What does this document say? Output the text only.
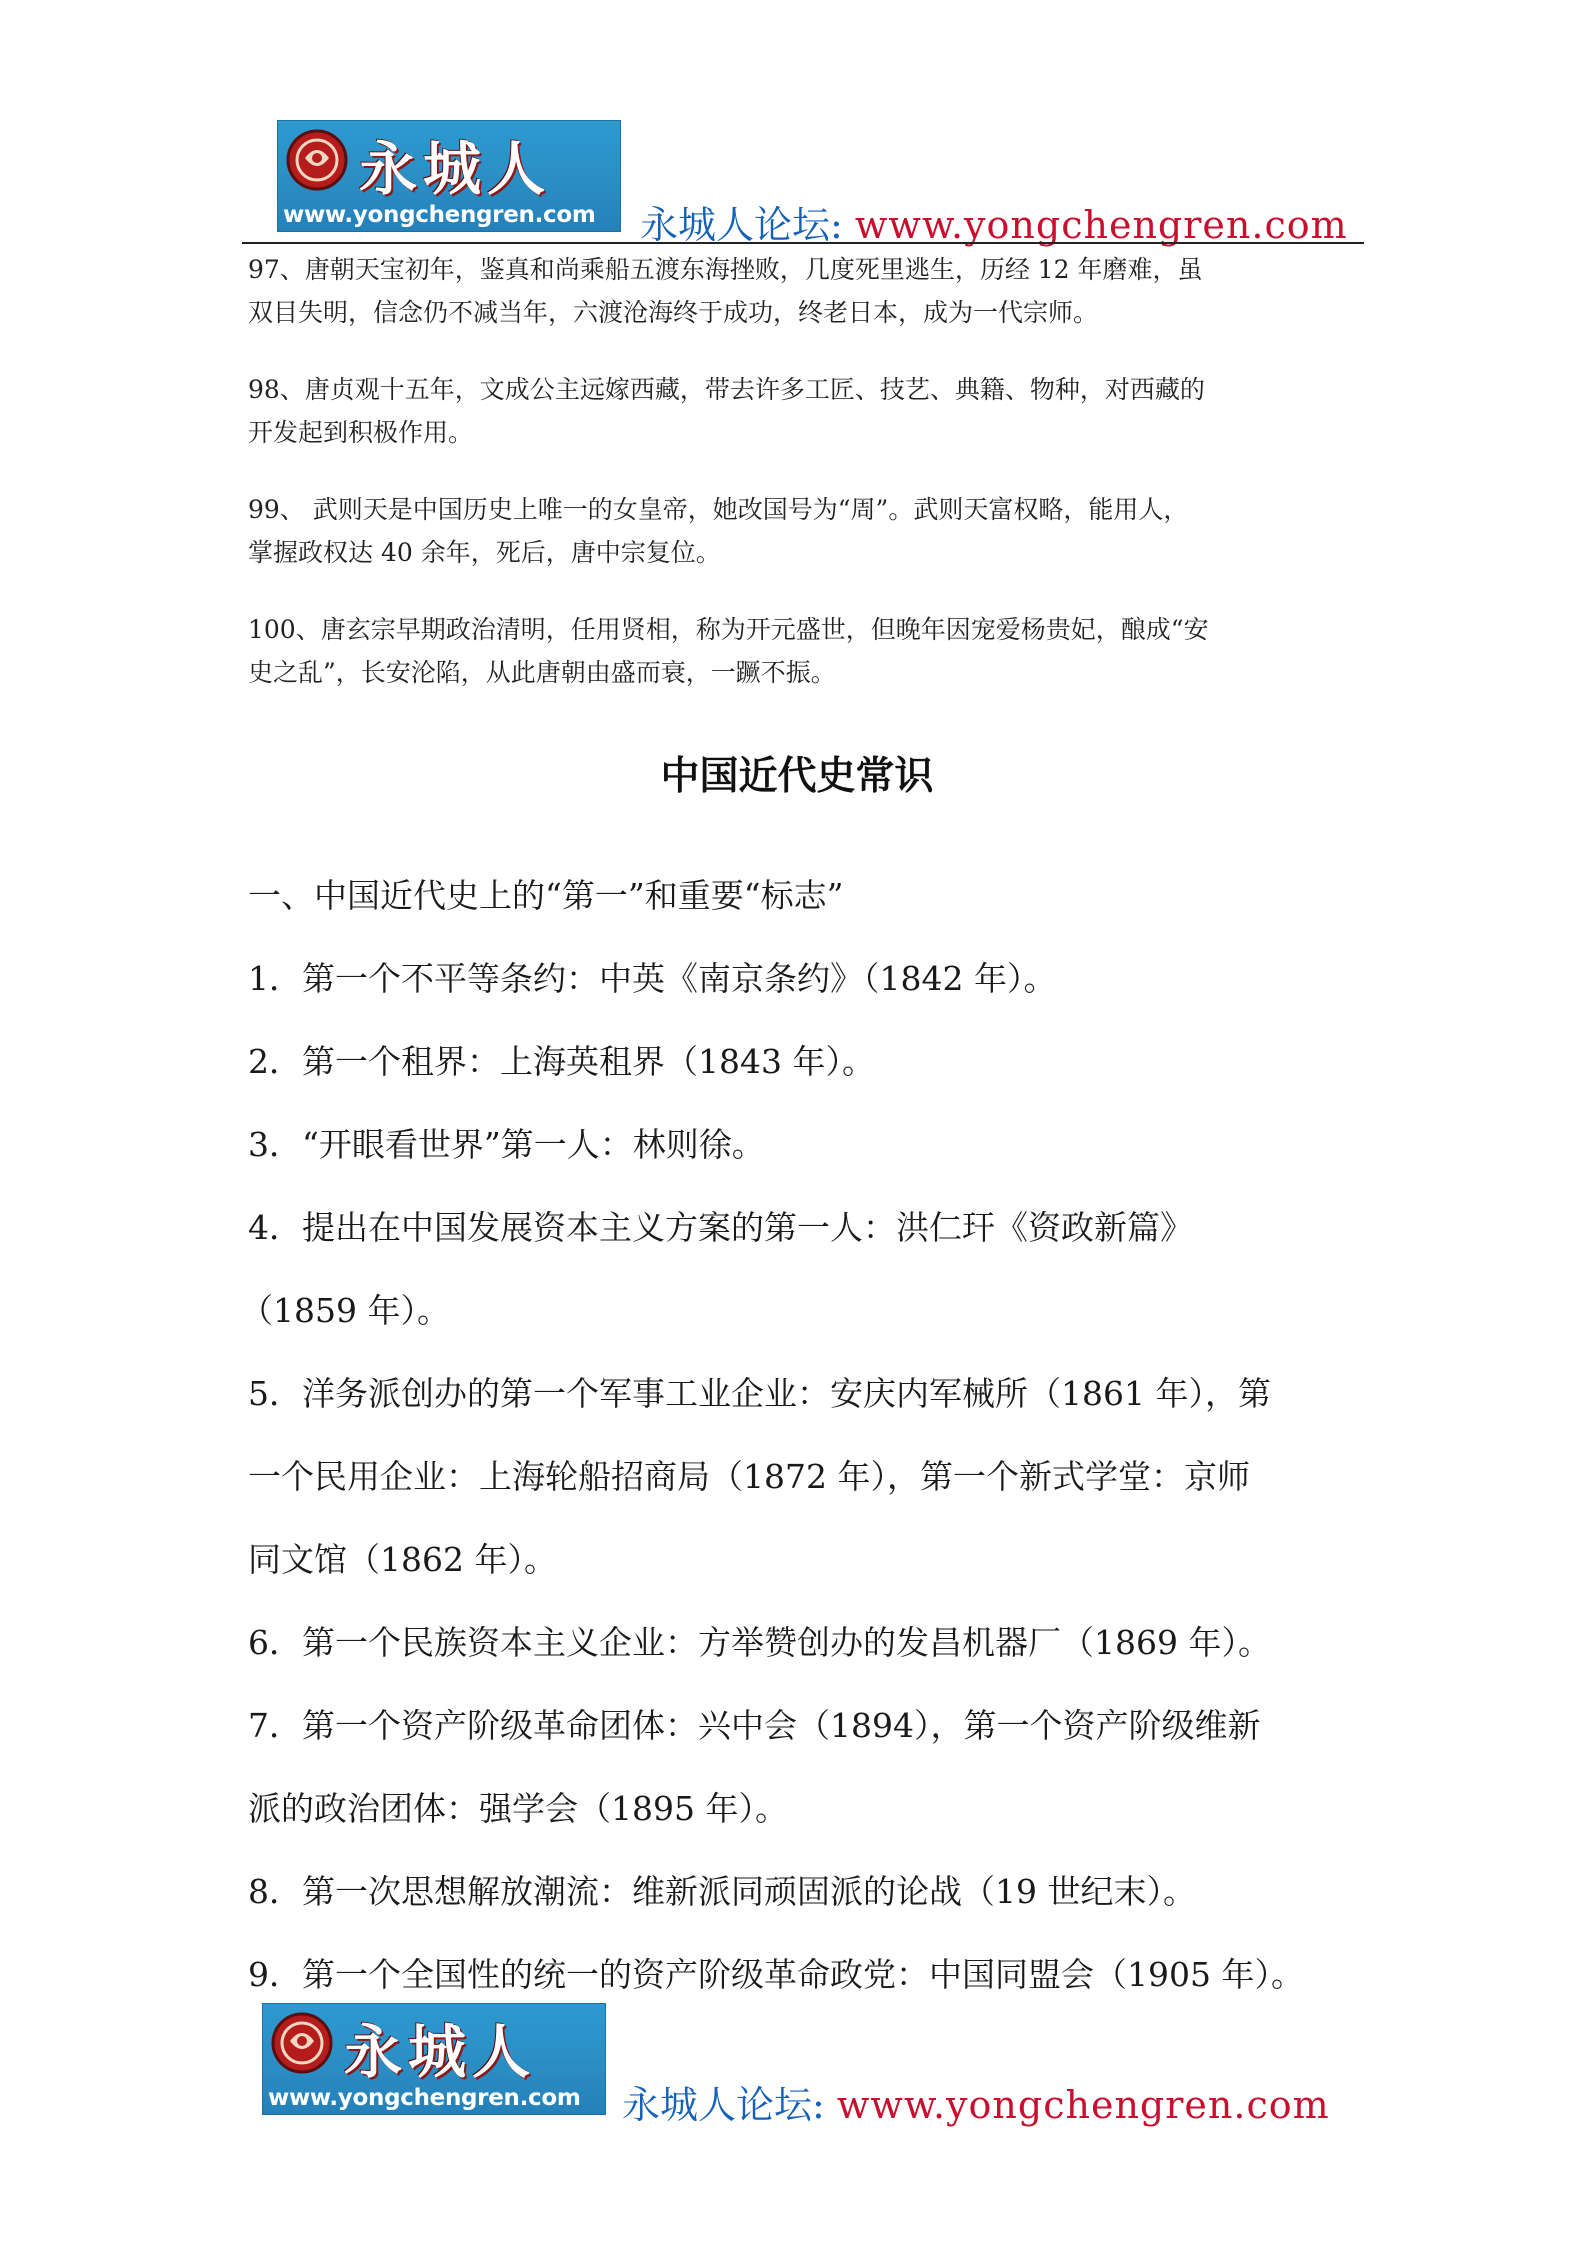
永城人
www.yongchengren.com	永城人论坛: www.yongchengren.com
97、唐朝天宝初年，鉴真和尚乘船五渡东海挫败，几度死里逃生，历经 12 年磨难，虽
双目失明，信念仍不减当年，六渡沧海终于成功，终老日本，成为一代宗师。
98、唐贞观十五年，文成公主远嫁西藏，带去许多工匠、技艺、典籍、物种，对西藏的
开发起到积极作用。
99、 武则天是中国历史上唯一的女皇帝，她改国号为“周”。武则天富权略，能用人，
掌握政权达 40 余年，死后，唐中宗复位。
100、唐玄宗早期政治清明，任用贤相，称为开元盛世，但晚年因宠爱杨贵妃，酿成“安
史之乱”，长安沦陷，从此唐朝由盛而衰，一蹶不振。
中国近代史常识
一、中国近代史上的“第一”和重要“标志”
1．第一个不平等条约：中英《南京条约》（1842 年）。
2．第一个租界：上海英租界（1843 年）。
3．“开眼看世界”第一人：林则徐。
4．提出在中国发展资本主义方案的第一人：洪仁玕《资政新篇》
（1859 年）。
5．洋务派创办的第一个军事工业企业：安庆内军械所（1861 年），第
一个民用企业：上海轮船招商局（1872 年），第一个新式学堂：京师
同文馆（1862 年）。
6．第一个民族资本主义企业：方举赞创办的发昌机器厂（1869 年）。
7．第一个资产阶级革命团体：兴中会（1894），第一个资产阶级维新
派的政治团体：强学会（1895 年）。
8．第一次思想解放潮流：维新派同顽固派的论战（19 世纪末）。
9．第一个全国性的统一的资产阶级革命政党：中国同盟会（1905 年）。
永城人
www.yongchengren.com	永城人论坛: www.yongchengren.com
